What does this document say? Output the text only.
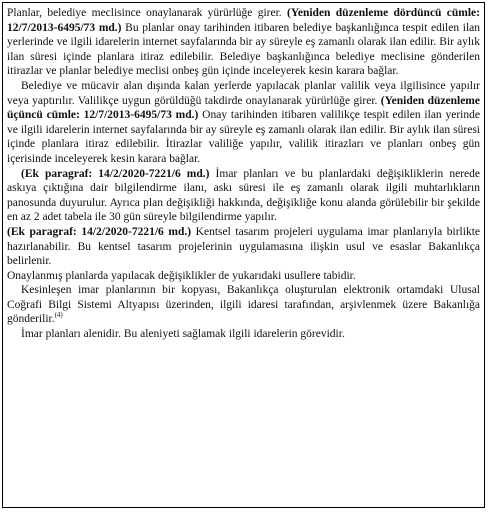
Planlar, belediye meclisince onaylanarak yürürlüğe girer. (Yeniden düzenleme dördüncü cümle: 12/7/2013-6495/73 md.) Bu planlar onay tarihinden itibaren belediye başkanlığınca tespit edilen ilan yerlerinde ve ilgili idarelerin internet sayfalarında bir ay süreyle eş zamanlı olarak ilan edilir. Bir aylık ilan süresi içinde planlara itiraz edilebilir. Belediye başkanlığınca belediye meclisine gönderilen itirazlar ve planlar belediye meclisi onbeş gün içinde inceleyerek kesin karara bağlar.

Belediye ve mücavir alan dışında kalan yerlerde yapılacak planlar valilik veya ilgilisince yapılır veya yaptırılır. Valilikçe uygun görüldüğü takdirde onaylanarak yürürlüğe girer. (Yeniden düzenleme üçüncü cümle: 12/7/2013-6495/73 md.) Onay tarihinden itibaren valilikçe tespit edilen ilan yerinde ve ilgili idarelerin internet sayfalarında bir ay süreyle eş zamanlı olarak ilan edilir. Bir aylık ilan süresi içinde planlara itiraz edilebilir. İtirazlar valiliğe yapılır, valilik itirazları ve planları onbeş gün içerisinde inceleyerek kesin karara bağlar.

(Ek paragraf: 14/2/2020-7221/6 md.) İmar planları ve bu planlardaki değişikliklerin nerede askıya çıktığına dair bilgilendirme ilanı, askı süresi ile eş zamanlı olarak ilgili muhtarlıkların panosunda duyurulur. Ayrıca plan değişikliği hakkında, değişikliğe konu alanda görülebilir bir şekilde en az 2 adet tabela ile 30 gün süreyle bilgilendirme yapılır.

(Ek paragraf: 14/2/2020-7221/6 md.) Kentsel tasarım projeleri uygulama imar planlarıyla birlikte hazırlanabilir. Bu kentsel tasarım projelerinin uygulamasına ilişkin usul ve esaslar Bakanlıkça belirlenir.

Onaylanmış planlarda yapılacak değişiklikler de yukarıdaki usullere tabidir.

Kesinleşen imar planlarının bir kopyası, Bakanlıkça oluşturulan elektronik ortamdaki Ulusal Coğrafi Bilgi Sistemi Altyapısı üzerinden, ilgili idaresi tarafından, arşivlenmek üzere Bakanlığa gönderilir.$^{(4)}$

İmar planları alenidir. Bu aleniyeti sağlamak ilgili idarelerin görevidir.
